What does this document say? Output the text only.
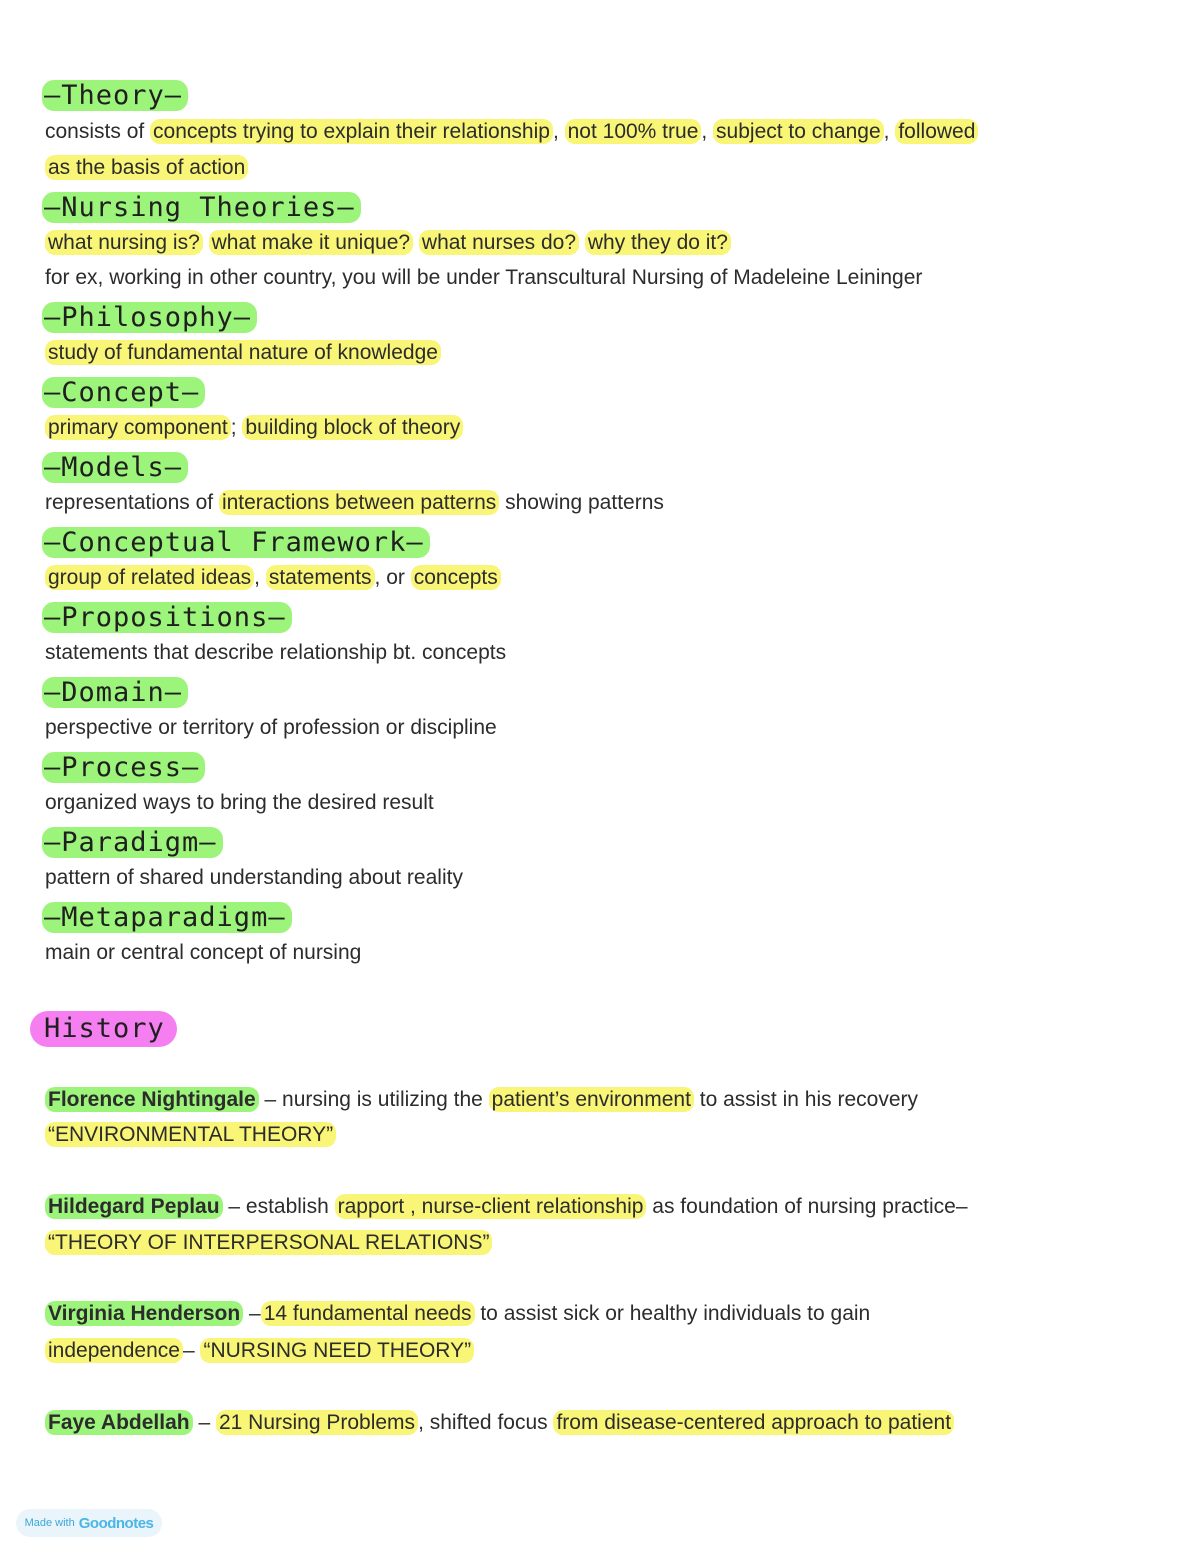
–Theory–
consists of concepts trying to explain their relationship , not 100% true , subject to change , followed
as the basis of action
–Nursing Theories–
what nursing is? what make it unique? what nurses do? why they do it?
for ex, working in other country, you will be under Transcultural Nursing of Madeleine Leininger
–Philosophy–
study of fundamental nature of knowledge
–Concept–
primary component ; building block of theory
–Models–
representations of interactions between patterns showing patterns
–Conceptual Framework–
group of related ideas , statements , or concepts
–Propositions–
statements that describe relationship bt. concepts
–Domain–
perspective or territory of profession or discipline
–Process–
organized ways to bring the desired result
–Paradigm–
pattern of shared understanding about reality
–Metaparadigm–
main or central concept of nursing
History
Florence Nightingale – nursing is utilizing the patient’s environment to assist in his recovery
“ENVIRONMENTAL THEORY”
Hildegard Peplau – establish rapport , nurse-client relationship as foundation of nursing practice–
“THEORY OF INTERPERSONAL RELATIONS”
Virginia Henderson – 14 fundamental needs to assist sick or healthy individuals to gain
independence – “NURSING NEED THEORY”
Faye Abdellah – 21 Nursing Problems , shifted focus from disease-centered approach to patient
Made with Goodnotes
